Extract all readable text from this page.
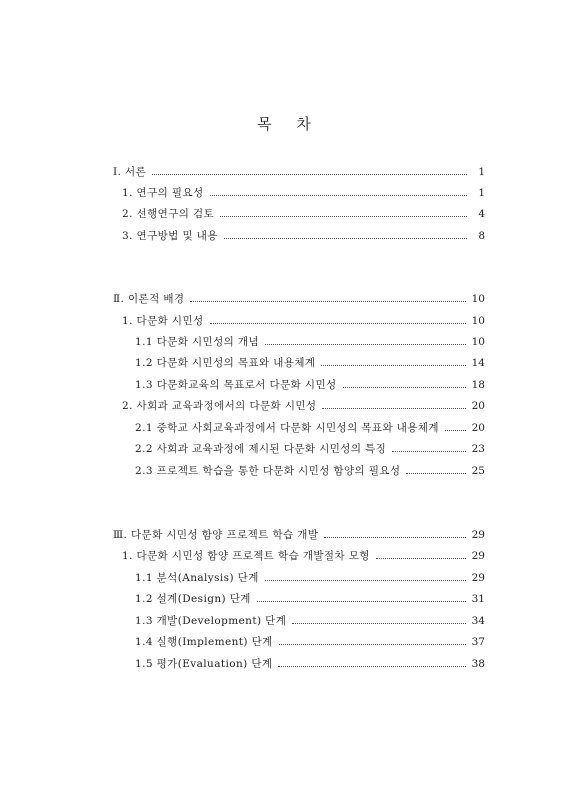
목 차
Ⅰ. 서론	1
1. 연구의 필요성	1
2. 선행연구의 검토	4
3. 연구방법 및 내용	8
Ⅱ. 이론적 배경	10
1. 다문화 시민성	10
1.1 다문화 시민성의 개념	10
1.2 다문화 시민성의 목표와 내용체계	14
1.3 다문화교육의 목표로서 다문화 시민성	18
2. 사회과 교육과정에서의 다문화 시민성	20
2.1 중학교 사회교육과정에서 다문화 시민성의 목표와 내용체계	20
2.2 사회과 교육과정에 제시된 다문화 시민성의 특징	23
2.3 프로젝트 학습을 통한 다문화 시민성 함양의 필요성	25
Ⅲ. 다문화 시민성 함양 프로젝트 학습 개발	29
1. 다문화 시민성 함양 프로젝트 학습 개발절차 모형	29
1.1 분석(Analysis) 단계	29
1.2 설계(Design) 단계	31
1.3 개발(Development) 단계	34
1.4 실행(Implement) 단계	37
1.5 평가(Evaluation) 단계	38
